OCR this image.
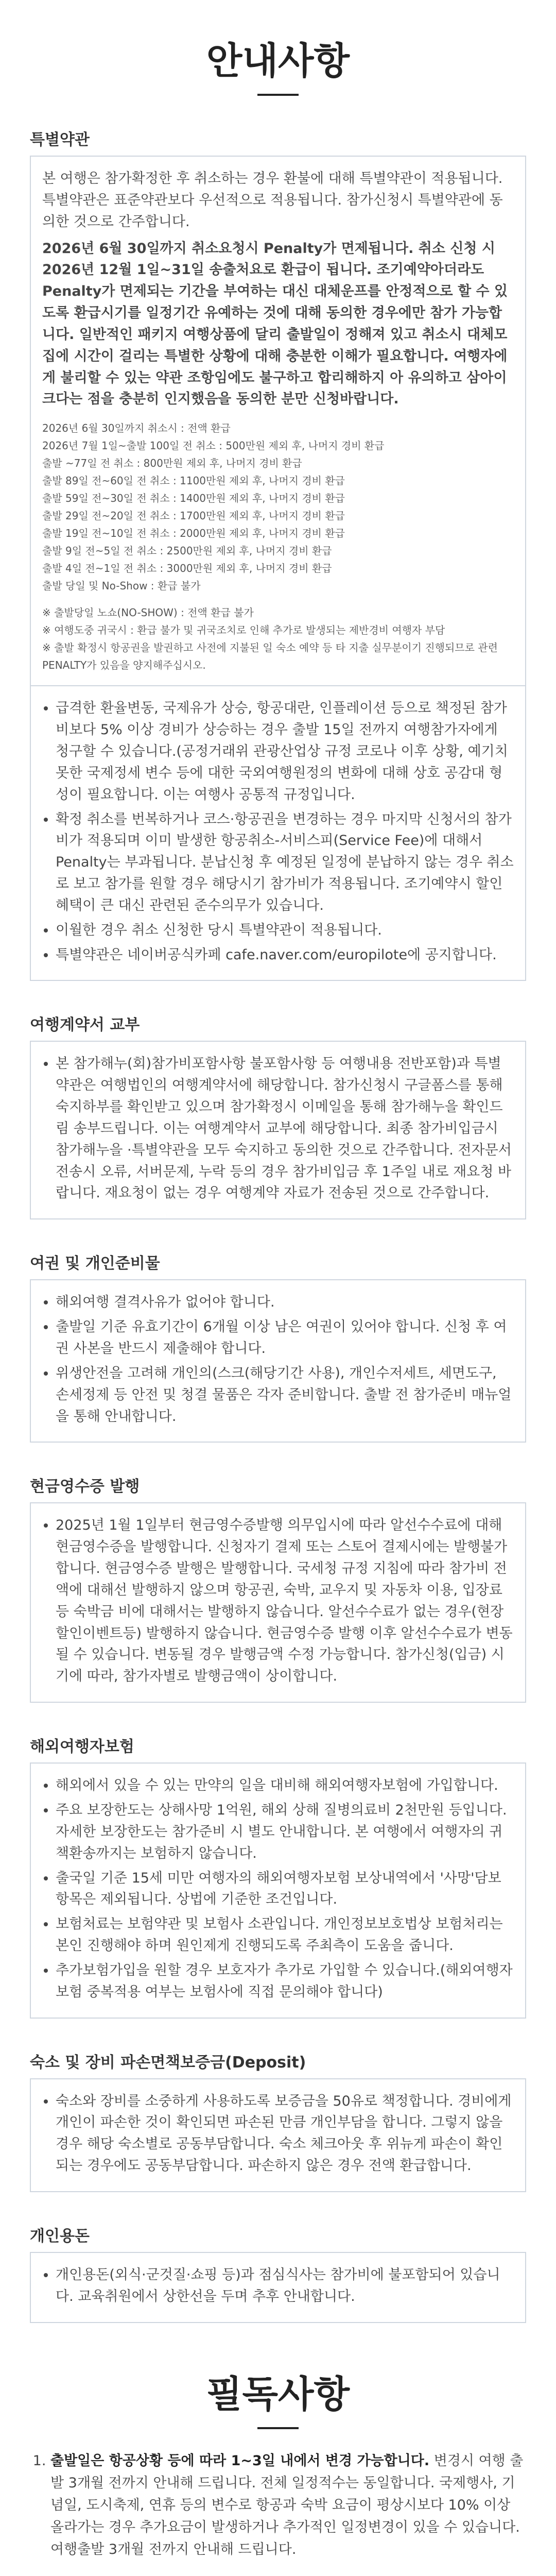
안내사항
특별약관

본 여행은 참가확정한 후 취소하는 경우 환불에 대해 특별약관이 적용됩니다. 특별약관은 표준약관보다 우선적으로 적용됩니다. 참가신청시 특별약관에 동의한 것으로 간주합니다.

2026년 6월 30일까지 취소요청시 Penalty가 면제됩니다. 취소 신청 시 2026년 12월 1일~31일 송출처요로 환급이 됩니다. 조기예약아더라도 Penalty가 면제되는 기간을 부여하는 대신 대체운프를 안정적으로 할 수 있도록 환급시기를 일정기간 유예하는 것에 대해 동의한 경우에만 참가 가능합니다. 일반적인 패키지 여행상품에 달리 출발일이 정해져 있고 취소시 대체모집에 시간이 걸리는 특별한 상황에 대해 충분한 이해가 필요합니다. 여행자에게 불리할 수 있는 약관 조항임에도 불구하고 합리해하지 아 유의하고 삼아이 크다는 점을 충분히 인지했음을 동의한 분만 신청바랍니다.

2026년 6월 30일까지 취소시 : 전액 환급
2026년 7월 1일~출발 100일 전 취소 : 500만원 제외 후, 나머지 경비 환급
출발 ~77일 전 취소 : 800만원 제외 후, 나머지 경비 환급
출발 89일 전~60일 전 취소 : 1100만원 제외 후, 나머지 경비 환급
출발 59일 전~30일 전 취소 : 1400만원 제외 후, 나머지 경비 환급
출발 29일 전~20일 전 취소 : 1700만원 제외 후, 나머지 경비 환급
출발 19일 전~10일 전 취소 : 2000만원 제외 후, 나머지 경비 환급
출발 9일 전~5일 전 취소 : 2500만원 제외 후, 나머지 경비 환급
출발 4일 전~1일 전 취소 : 3000만원 제외 후, 나머지 경비 환급
출발 당일 및 No-Show : 환급 불가
※ 출발당일 노쇼(NO-SHOW) : 전액 환급 불가
※ 여행도중 귀국시 : 환급 불가 및 귀국조치로 인해 추가로 발생되는 제반경비 여행자 부담
※ 출발 확정시 항공권을 발권하고 사전에 지불된 일 숙소 예약 등 타 지출 실무분이기 진행되므로 관련 PENALTY가 있음을 양지해주십시오.
• 급격한 환율변동, 국제유가 상승, 항공대란, 인플레이션 등으로 책정된 참가비보다 5% 이상 경비가 상승하는 경우 출발 15일 전까지 여행참가자에게 청구할 수 있습니다.(공정거래위 관광산업상 규정 코로나 이후 상황, 예기치 못한 국제정세 변수 등에 대한 국외여행원정의 변화에 대해 상호 공감대 형성이 필요합니다. 이는 여행사 공통적 규정입니다.
• 확정 취소를 번복하거나 코스·항공권을 변경하는 경우 마지막 신청서의 참가비가 적용되며 이미 발생한 항공취소-서비스피(Service Fee)에 대해서 Penalty는 부과됩니다. 분납신청 후 예정된 일정에 분납하지 않는 경우 취소로 보고 참가를 원할 경우 해당시기 참가비가 적용됩니다. 조기예약시 할인혜택이 큰 대신 관련된 준수의무가 있습니다.
• 이월한 경우 취소 신청한 당시 특별약관이 적용됩니다.
• 특별약관은 네이버공식카페 cafe.naver.com/europilote에 공지합니다.
여행계약서 교부
• 본 참가해누(회)참가비포함사항 불포함사항 등 여행내용 전반포함)과 특별약관은 여행법인의 여행계약서에 해당합니다. 참가신청시 구글폼스를 통해 숙지하부를 확인받고 있으며 참가확정시 이메일을 통해 참가해누을 확인드림 송부드립니다. 이는 여행계약서 교부에 해당합니다. 최종 참가비입금시 참가해누을 ·특별약관을 모두 숙지하고 동의한 것으로 간주합니다. 전자문서 전송시 오류, 서버문제, 누락 등의 경우 참가비입금 후 1주일 내로 재요청 바랍니다. 재요청이 없는 경우 여행계약 자료가 전송된 것으로 간주합니다.
여권 및 개인준비물
• 해외여행 결격사유가 없어야 합니다.
• 출발일 기준 유효기간이 6개월 이상 남은 여권이 있어야 합니다. 신청 후 여권 사본을 반드시 제출해야 합니다.
• 위생안전을 고려해 개인의(스크(해당기간 사용), 개인수저세트, 세면도구, 손세정제 등 안전 및 청결 물품은 각자 준비합니다. 출발 전 참가준비 매뉴얼을 통해 안내합니다.
현금영수증 발행
• 2025년 1월 1일부터 현금영수증발행 의무입시에 따라 알선수수료에 대해 현금영수증을 발행합니다. 신청자기 결제 또는 스토어 결제시에는 발행불가합니다. 현금영수증 발행은 발행합니다. 국세청 규정 지침에 따라 참가비 전액에 대해선 발행하지 않으며 항공권, 숙박, 교우지 및 자동차 이용, 입장료 등 숙박금 비에 대해서는 발행하지 않습니다. 알선수수료가 없는 경우(현장 할인이벤트등) 발행하지 않습니다. 현금영수증 발행 이후 알선수수료가 변동될 수 있습니다. 변동될 경우 발행금액 수정 가능합니다. 참가신청(입금) 시기에 따라, 참가자별로 발행금액이 상이합니다.
해외여행자보험
• 해외에서 있을 수 있는 만약의 일을 대비해 해외여행자보험에 가입합니다.
• 주요 보장한도는 상해사망 1억원, 해외 상해 질병의료비 2천만원 등입니다. 자세한 보장한도는 참가준비 시 별도 안내합니다. 본 여행에서 여행자의 귀책환송까지는 보험하지 않습니다.
• 출국일 기준 15세 미만 여행자의 해외여행자보험 보상내역에서 '사망'담보항목은 제외됩니다. 상법에 기준한 조건입니다.
• 보험처료는 보험약관 및 보험사 소관입니다. 개인정보보호법상 보험처리는 본인 진행해야 하며 원인제게 진행되도록 주최측이 도움을 줍니다.
• 추가보험가입을 원할 경우 보호자가 추가로 가입할 수 있습니다.(해외여행자보험 중복적용 여부는 보험사에 직접 문의해야 합니다)
숙소 및 장비 파손면책보증금(Deposit)
• 숙소와 장비를 소중하게 사용하도록 보증금을 50유로 책정합니다. 경비에게 개인이 파손한 것이 확인되면 파손된 만큼 개인부담을 합니다. 그렇지 않을 경우 해당 숙소별로 공동부담합니다. 숙소 체크아웃 후 위뉴게 파손이 확인되는 경우에도 공동부담합니다. 파손하지 않은 경우 전액 환급합니다.
개인용돈
• 개인용돈(외식·군것질·쇼핑 등)과 점심식사는 참가비에 불포함되어 있습니다. 교육취원에서 상한선을 두며 추후 안내합니다.
필독사항
1. 출발일은 항공상황 등에 따라 1~3일 내에서 변경 가능합니다. 변경시 여행 출발 3개월 전까지 안내해 드립니다. 전체 일정적수는 동일합니다. 국제행사, 기념일, 도시축제, 연휴 등의 변수로 항공과 숙박 요금이 평상시보다 10% 이상 올라가는 경우 추가요금이 발생하거나 추가적인 일정변경이 있을 수 있습니다. 여행출발 3개월 전까지 안내해 드립니다.
2.
